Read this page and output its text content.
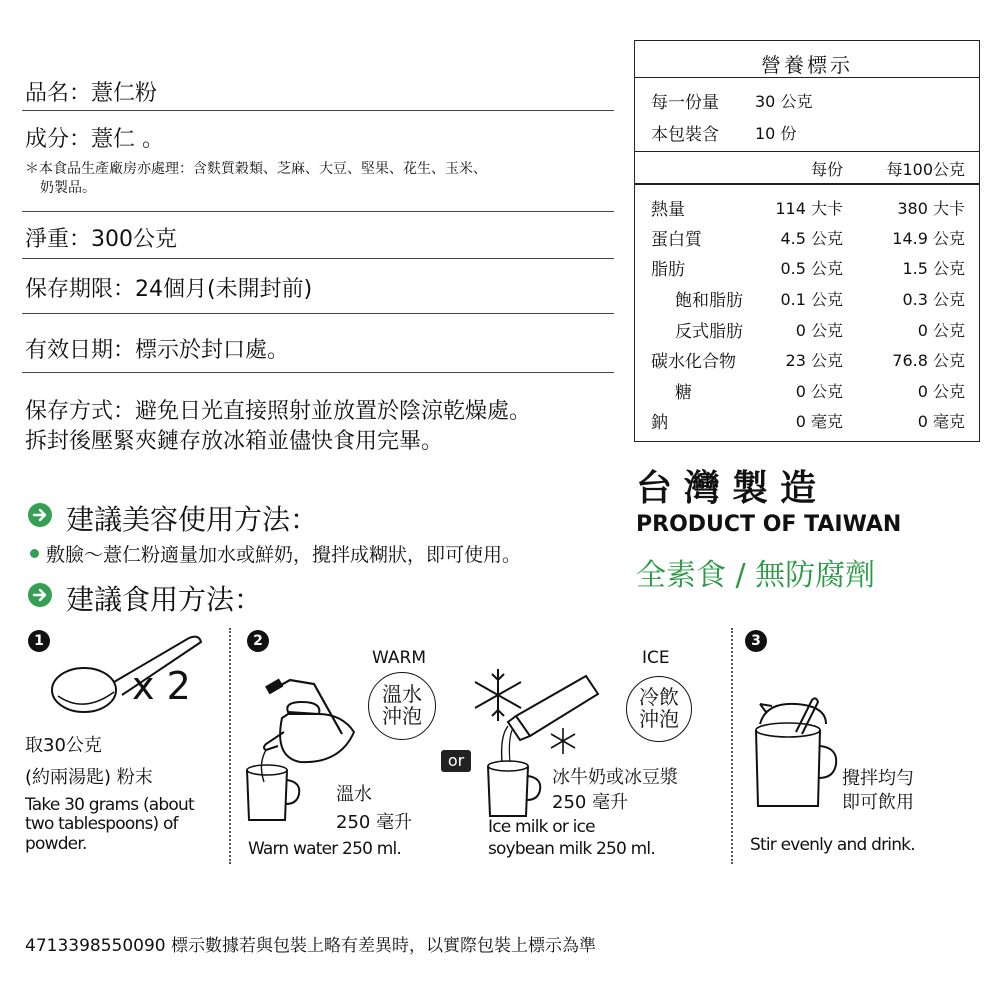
品名：薏仁粉
成分：薏仁 。
＊本食品生產廠房亦處理：含麩質穀類、芝麻、大豆、堅果、花生、玉米、
奶製品。
淨重：300公克
保存期限：24個月(未開封前)
有效日期：標示於封口處。
保存方式：避免日光直接照射並放置於陰涼乾燥處。
拆封後壓緊夾鏈存放冰箱並儘快食用完畢。
營養標示
每一份量 30 公克
本包裝含 10 份
每份	每100公克
熱量	114 大卡	380 大卡
蛋白質	4.5 公克	14.9 公克
脂肪	0.5 公克	1.5 公克
飽和脂肪 0.1 公克	0.3 公克
反式脂肪	0 公克	0 公克
碳水化合物	23 公克	76.8 公克
糖	0 公克	0 公克
鈉	0 毫克	0 毫克
台灣製造
PRODUCT OF TAIWAN
全素食 / 無防腐劑
建議美容使用方法：
敷臉～薏仁粉適量加水或鮮奶，攪拌成糊狀，即可使用。
建議食用方法：
1
x 2
取30公克
(約兩湯匙) 粉末
Take 30 grams (about
two tablespoons) of
powder.
2
WARM
溫水
沖泡
溫水
250 毫升
Warn water 250 ml.
or
ICE
冷飲
沖泡
冰牛奶或冰豆漿
250 毫升
Ice milk or ice
soybean milk 250 ml.
3
攪拌均勻
即可飲用
Stir evenly and drink.
4713398550090 標示數據若與包裝上略有差異時，以實際包裝上標示為準
